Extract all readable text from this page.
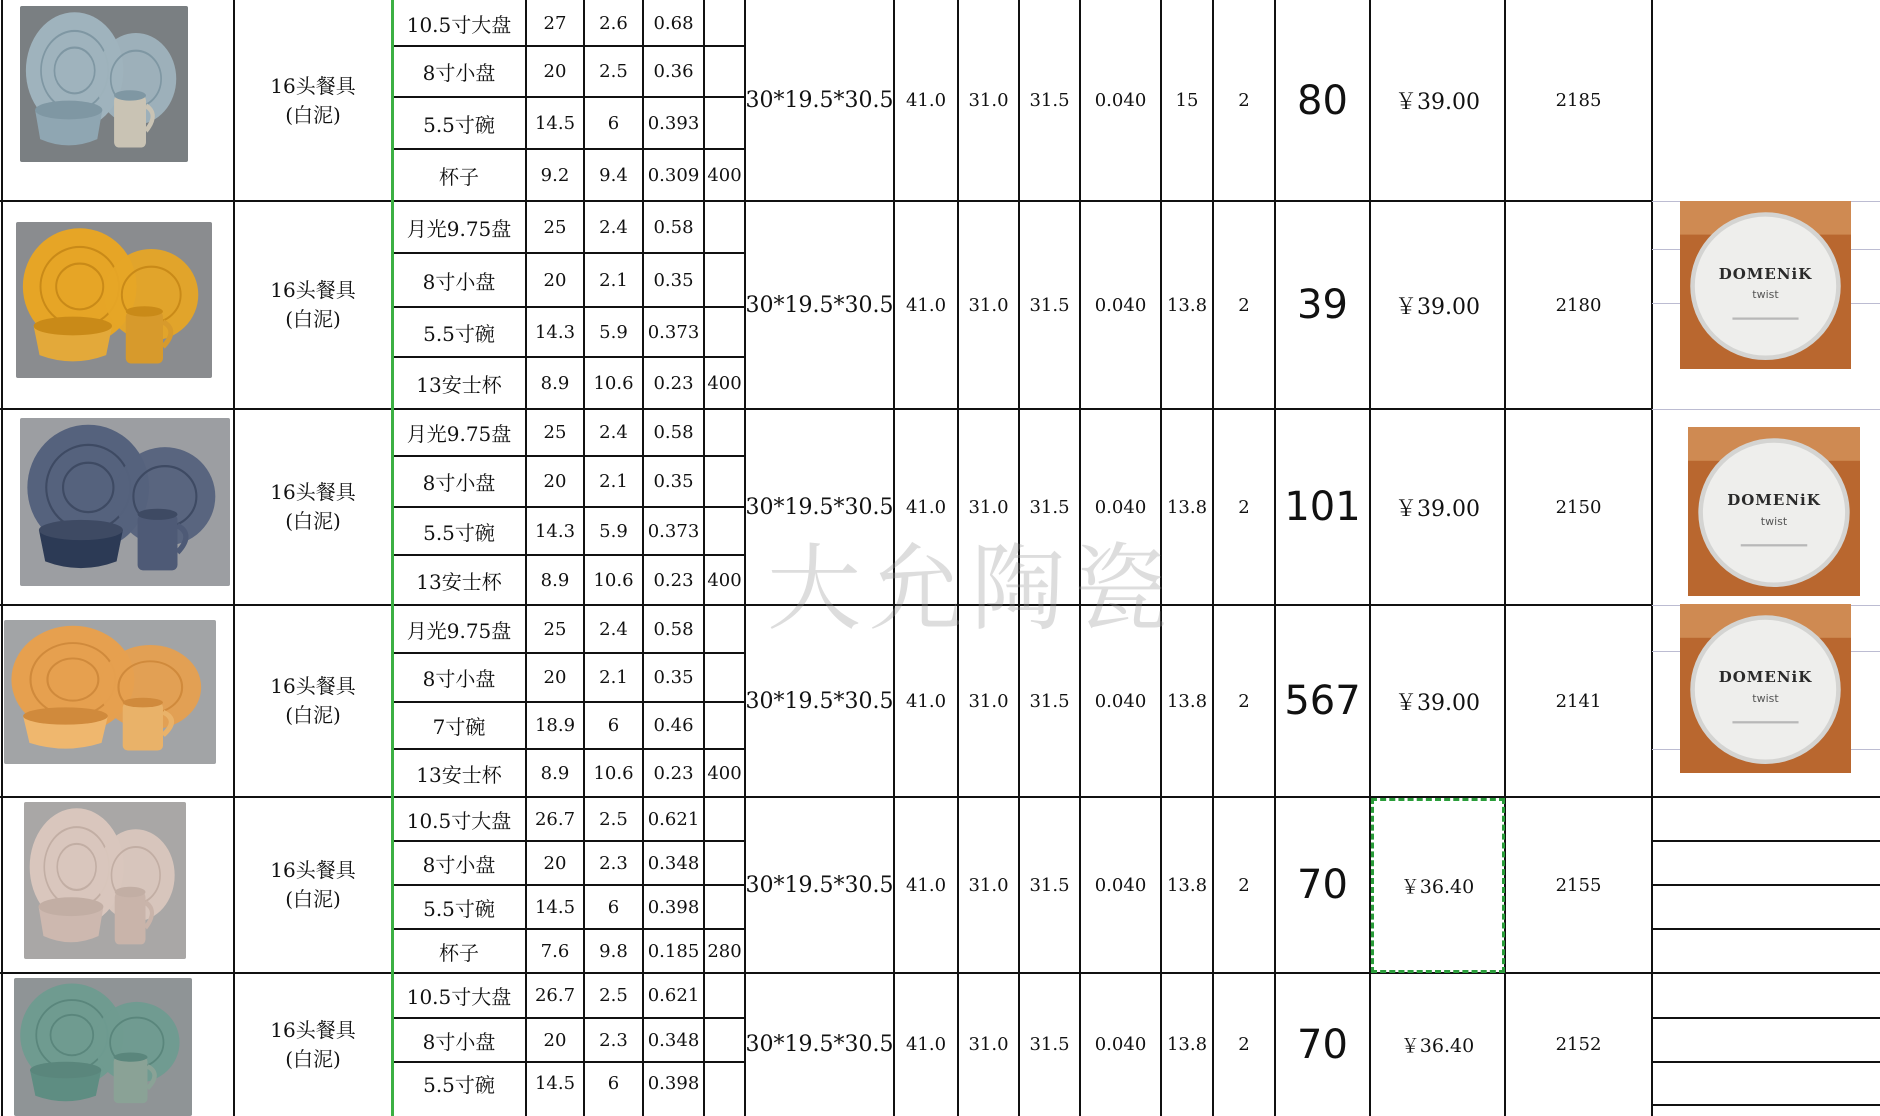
16头餐具
(白泥)
10.5寸大盘 27 2.6 0.68
8寸小盘	20 2.5 0.36
5.5寸碗 14.5 6 0.393
杯子	9.2 9.4 0.309 400
30*19.5*30.5 41.0 31.0 31.5 0.040 15 2 80 ￥39.00	2185
16头餐具
(白泥)
月光9.75盘 25 2.4 0.58
8寸小盘	20 2.1 0.35
5.5寸碗 14.3 5.9 0.373
13安士杯 8.9 10.6 0.23 400
30*19.5*30.5 41.0 31.0 31.5 0.040 13.8 2 39 ￥39.00	2180
16头餐具
(白泥)
月光9.75盘 25 2.4 0.58
8寸小盘	20 2.1 0.35
5.5寸碗 14.3 5.9 0.373
13安士杯 8.9 10.6 0.23 400
30*19.5*30.5 41.0 31.0 31.5 0.040 13.8 2 101 ￥39.00	2150
16头餐具
(白泥)
月光9.75盘 25 2.4 0.58
8寸小盘	20 2.1 0.35
7寸碗	18.9 6 0.46
13安士杯 8.9 10.6 0.23 400
30*19.5*30.5 41.0 31.0 31.5 0.040 13.8 2 567 ￥39.00	2141
16头餐具
(白泥)
10.5寸大盘 26.7 2.5 0.621
8寸小盘	20 2.3 0.348
5.5寸碗 14.5 6 0.398
杯子	7.6 9.8 0.185 280
30*19.5*30.5 41.0 31.0 31.5 0.040 13.8 2 70	￥36.40	2155
16头餐具
(白泥)
10.5寸大盘 26.7 2.5 0.621
8寸小盘	20 2.3 0.348
5.5寸碗 14.5 6 0.398
30*19.5*30.5 41.0 31.0 31.5 0.040 13.8 2 70	￥36.40	2152
DOMENiK
twist
DOMENiK
twist
DOMENiK
twist
大允陶瓷
